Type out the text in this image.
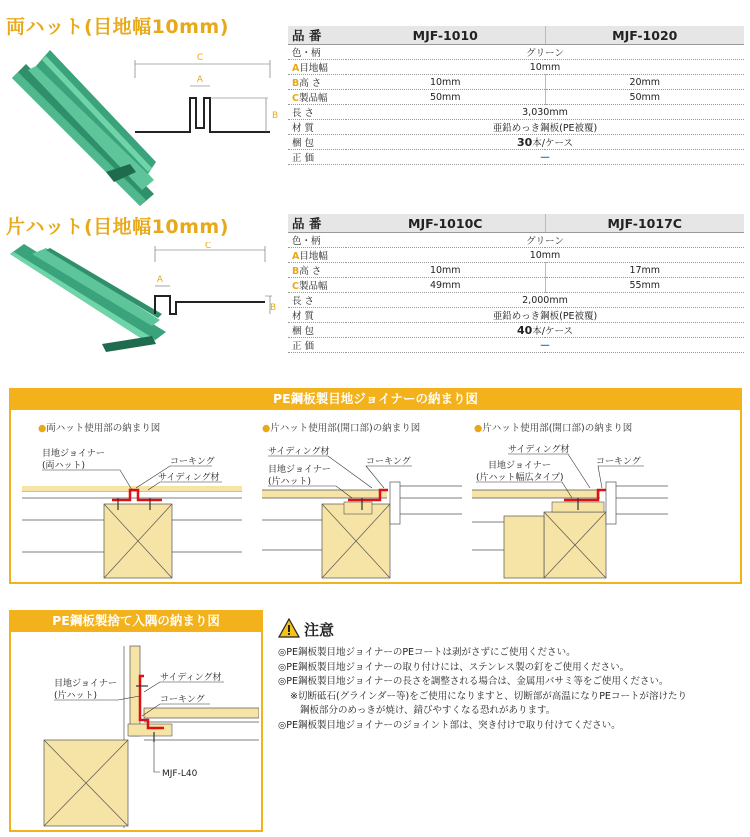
両ハット(目地幅10mm)
C
A
B
品 番	MJF-1010	MJF-1020
色・柄	グリーン	
A目地幅	10mm	
B高 さ	10mm	20mm
C製品幅	50mm	50mm
長 さ	3,030mm	
材 質	亜鉛めっき鋼板(PE被覆)	
梱 包	30本/ケース	
正 価	—	
片ハット(目地幅10mm)
C
A
B
品 番	MJF-1010C	MJF-1017C
色・柄	グリーン	
A目地幅	10mm	
B高 さ	10mm	17mm
C製品幅	49mm	55mm
長 さ	2,000mm	
材 質	亜鉛めっき鋼板(PE被覆)	
梱 包	40本/ケース	
正 価	—	
PE鋼板製目地ジョイナーの納まり図
●両ハット使用部の納まり図	●片ハット使用部(開口部)の納まり図	●片ハット使用部(開口部)の納まり図
目地ジョイナー
(両ハット)	コーキング
サイディング材
サイディング材
目地ジョイナー
(片ハット)
コーキング
サイディング材
目地ジョイナー
(片ハット幅広タイプ)
コーキング
PE鋼板製捨て入隅の納まり図
目地ジョイナー
(片ハット)
サイディング材
コーキング
MJF-L40
注意
◎PE鋼板製目地ジョイナーのPEコートは剥がさずにご使用ください。
◎PE鋼板製目地ジョイナーの取り付けには、ステンレス製の釘をご使用ください。
◎PE鋼板製目地ジョイナーの長さを調整される場合は、金属用バサミ等をご使用ください。
※切断砥石(グラインダー等)をご使用になりますと、切断部が高温になりPEコートが溶けたり
鋼板部分のめっきが焼け、錆びやすくなる恐れがあります。
◎PE鋼板製目地ジョイナーのジョイント部は、突き付けで取り付けてください。
